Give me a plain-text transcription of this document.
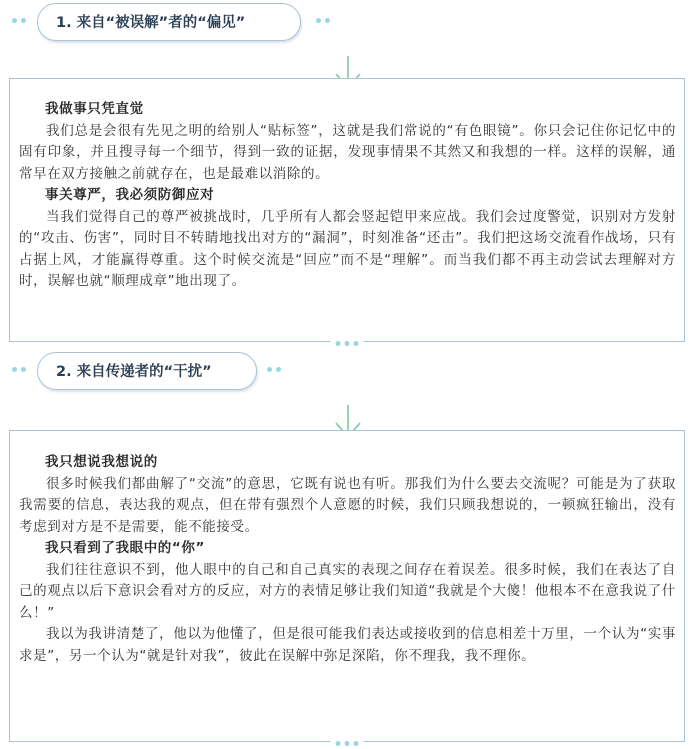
1. 来自“被误解”者的“偏见”

我做事只凭直觉

我们总是会很有先见之明的给别人“贴标签”，这就是我们常说的“有色眼镜”。你只会记住你记忆中的固有印象，并且搜寻每一个细节，得到一致的证据，发现事情果不其然又和我想的一样。这样的误解，通常早在双方接触之前就存在，也是最难以消除的。

事关尊严，我必须防御应对

当我们觉得自己的尊严被挑战时，几乎所有人都会竖起铠甲来应战。我们会过度警觉，识别对方发射的“攻击、伤害”，同时目不转睛地找出对方的“漏洞”，时刻准备“还击”。我们把这场交流看作战场，只有占据上风，才能赢得尊重。这个时候交流是“回应”而不是“理解”。而当我们都不再主动尝试去理解对方时，误解也就“顺理成章”地出现了。

2. 来自传递者的“干扰”

我只想说我想说的

很多时候我们都曲解了“交流”的意思，它既有说也有听。那我们为什么要去交流呢？可能是为了获取我需要的信息，表达我的观点，但在带有强烈个人意愿的时候，我们只顾我想说的，一顿疯狂输出，没有考虑到对方是不是需要，能不能接受。

我只看到了我眼中的“你”

我们往往意识不到，他人眼中的自己和自己真实的表现之间存在着误差。很多时候，我们在表达了自己的观点以后下意识会看对方的反应，对方的表情足够让我们知道“我就是个大傻！他根本不在意我说了什么！”

我以为我讲清楚了，他以为他懂了，但是很可能我们表达或接收到的信息相差十万里，一个认为“实事求是”，另一个认为“就是针对我”，彼此在误解中弥足深陷，你不理我，我不理你。
